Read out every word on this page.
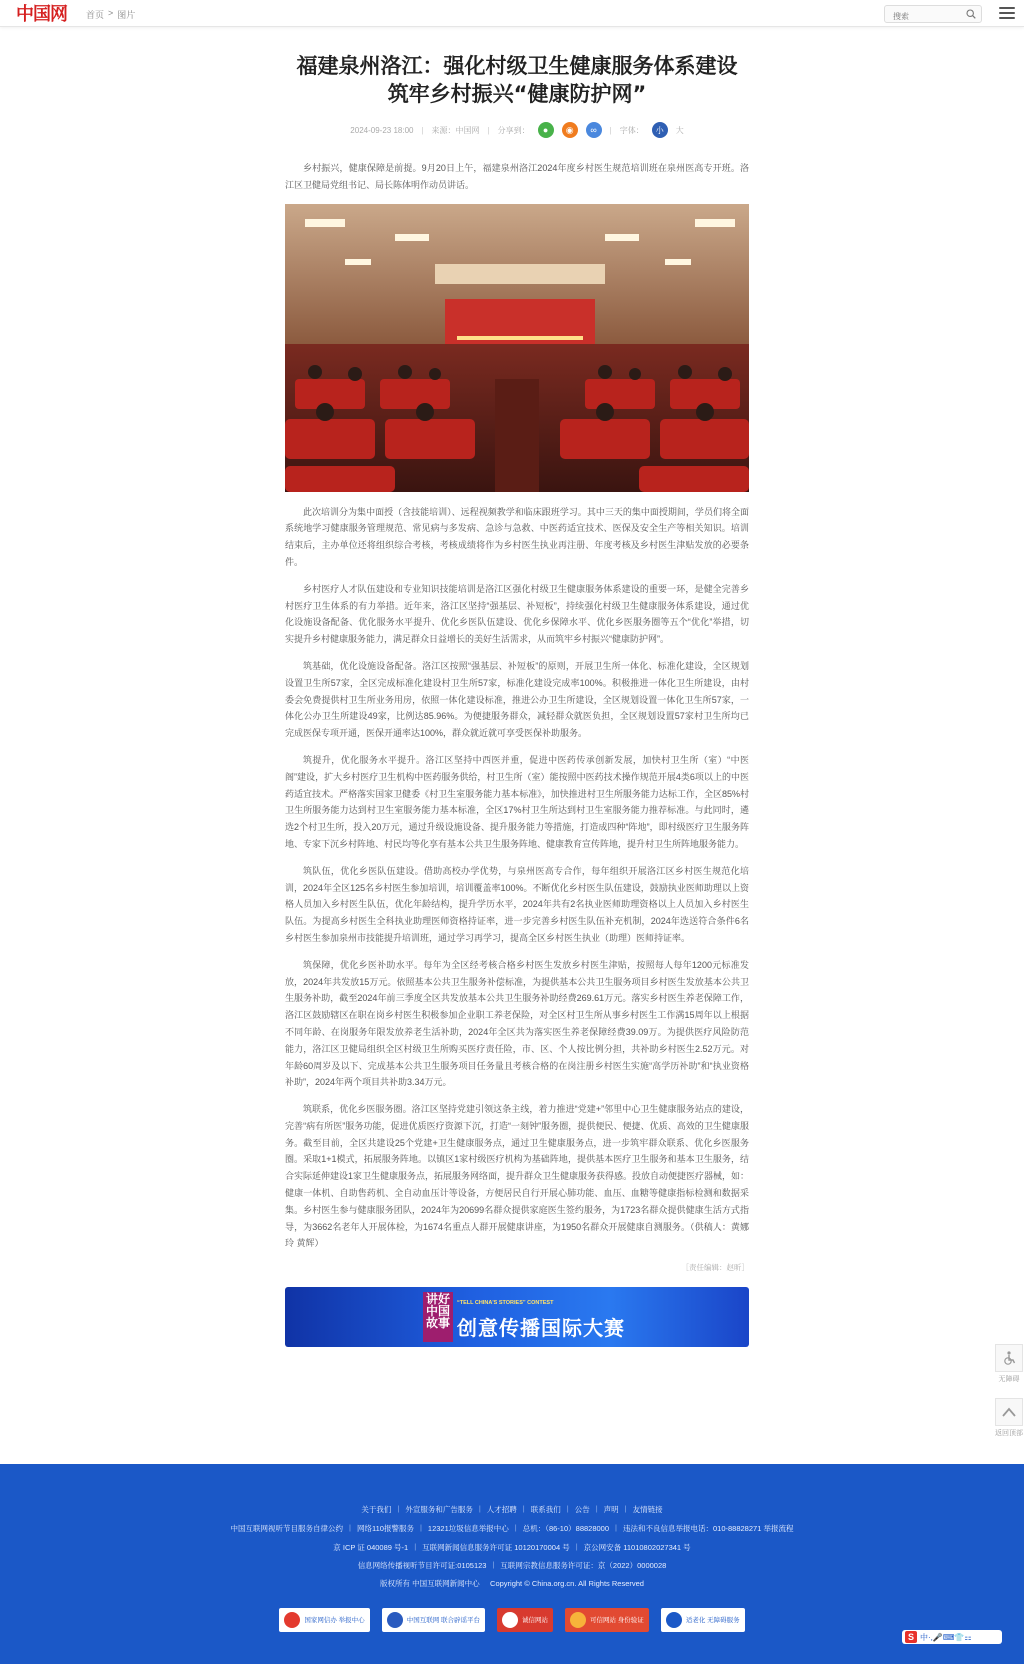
中国网 首页 > 图片
搜索
福建泉州洛江：强化村级卫生健康服务体系建设
筑牢乡村振兴“健康防护网”
2024-09-23 18:00 | 来源：中国网 | 分享到：	●	◉	∞	| 字体：	小	大

乡村振兴，健康保障是前提。9月20日上午，福建泉州洛江2024年度乡村医生规范培训班在泉州医高专开班。洛江区卫健局党组书记、局长陈体明作动员讲话。

此次培训分为集中面授（含技能培训）、远程视频教学和临床跟班学习。其中三天的集中面授期间，学员们将全面系统地学习健康服务管理规范、常见病与多发病、急诊与急救、中医药适宜技术、医保及安全生产等相关知识。培训结束后，主办单位还将组织综合考核，考核成绩将作为乡村医生执业再注册、年度考核及乡村医生津贴发放的必要条件。

乡村医疗人才队伍建设和专业知识技能培训是洛江区强化村级卫生健康服务体系建设的重要一环，是健全完善乡村医疗卫生体系的有力举措。近年来，洛江区坚持“强基层、补短板”，持续强化村级卫生健康服务体系建设，通过优化设施设备配备、优化服务水平提升、优化乡医队伍建设、优化乡保障水平、优化乡医服务圈等五个“优化”举措，切实提升乡村健康服务能力，满足群众日益增长的美好生活需求，从而筑牢乡村振兴“健康防护网”。

筑基础，优化设施设备配备。洛江区按照“强基层、补短板”的原则，开展卫生所一体化、标准化建设，全区规划设置卫生所57家，全区完成标准化建设村卫生所57家，标准化建设完成率100%。积极推进一体化卫生所建设，由村委会免费提供村卫生所业务用房，依照一体化建设标准，推进公办卫生所建设，全区规划设置一体化卫生所57家，一体化公办卫生所建设49家，比例达85.96%。为便捷服务群众，减轻群众就医负担，全区规划设置57家村卫生所均已完成医保专项开通，医保开通率达100%，群众就近就可享受医保补助服务。

筑提升，优化服务水平提升。洛江区坚持中西医并重，促进中医药传承创新发展，加快村卫生所（室）“中医阁”建设，扩大乡村医疗卫生机构中医药服务供给，村卫生所（室）能按照中医药技术操作规范开展4类6项以上的中医药适宜技术。严格落实国家卫健委《村卫生室服务能力基本标准》，加快推进村卫生所服务能力达标工作，全区85%村卫生所服务能力达到村卫生室服务能力基本标准，全区17%村卫生所达到村卫生室服务能力推荐标准。与此同时，遴选2个村卫生所，投入20万元，通过升级设施设备、提升服务能力等措施，打造成四种“阵地”，即村级医疗卫生服务阵地、专家下沉乡村阵地、村民均等化享有基本公共卫生服务阵地、健康教育宣传阵地，提升村卫生所阵地服务能力。

筑队伍，优化乡医队伍建设。借助高校办学优势，与泉州医高专合作，每年组织开展洛江区乡村医生规范化培训，2024年全区125名乡村医生参加培训，培训覆盖率100%。不断优化乡村医生队伍建设，鼓励执业医师助理以上资格人员加入乡村医生队伍，优化年龄结构，提升学历水平，2024年共有2名执业医师助理资格以上人员加入乡村医生队伍。为提高乡村医生全科执业助理医师资格持证率，进一步完善乡村医生队伍补充机制，2024年选送符合条件6名乡村医生参加泉州市技能提升培训班，通过学习再学习，提高全区乡村医生执业（助理）医师持证率。

筑保障，优化乡医补助水平。每年为全区经考核合格乡村医生发放乡村医生津贴，按照每人每年1200元标准发放，2024年共发放15万元。依照基本公共卫生服务补偿标准，为提供基本公共卫生服务项目乡村医生发放基本公共卫生服务补助，截至2024年前三季度全区共发放基本公共卫生服务补助经费269.61万元。落实乡村医生养老保障工作，洛江区鼓励辖区在职在岗乡村医生积极参加企业职工养老保险，对全区村卫生所从事乡村医生工作满15周年以上根据不同年龄、在岗服务年限发放养老生活补助，2024年全区共为落实医生养老保障经费39.09万。为提供医疗风险防范能力，洛江区卫健局组织全区村级卫生所购买医疗责任险，市、区、个人按比例分担，共补助乡村医生2.52万元。对年龄60周岁及以下、完成基本公共卫生服务项目任务量且考核合格的在岗注册乡村医生实施“高学历补助”和“执业资格补助”，2024年两个项目共补助3.34万元。

筑联系，优化乡医服务圈。洛江区坚持党建引领这条主线，着力推进“党建+”邻里中心卫生健康服务站点的建设，完善“病有所医”服务功能，促进优质医疗资源下沉，打造“一刻钟”服务圈，提供便民、便捷、优质、高效的卫生健康服务。截至目前，全区共建设25个党建+卫生健康服务点，通过卫生健康服务点，进一步筑牢群众联系、优化乡医服务圈。采取1+1模式，拓展服务阵地。以镇区1家村级医疗机构为基础阵地，提供基本医疗卫生服务和基本卫生服务，结合实际延伸建设1家卫生健康服务点，拓展服务网络面，提升群众卫生健康服务获得感。投放自动便捷医疗器械，如：健康一体机、自助售药机、全自动血压计等设备，方便居民自行开展心肺功能、血压、血糖等健康指标检测和数据采集。乡村医生参与健康服务团队，2024年为20699名群众提供家庭医生签约服务，为1723名群众提供健康生活方式指导，为3662名老年人开展体检，为1674名重点人群开展健康讲座，为1950名群众开展健康自测服务。（供稿人：黄娜玲 黄辉）

［责任编辑：赵昕］
讲好中国故事
“TELL CHINA'S STORIES” CONTEST
创意传播国际大赛
无障碍
返回顶部
关于我们 | 外宣服务和广告服务 | 人才招聘 | 联系我们 | 公告 | 声明 | 友情链接
中国互联网视听节目服务自律公约 | 网络110报警服务 | 12321垃圾信息举报中心 | 总机：（86-10）88828000 | 违法和不良信息举报电话：010-88828271 举报流程
京 ICP 证 040089 号-1 | 互联网新闻信息服务许可证 10120170004 号 | 京公网安备 11010802027341 号
信息网络传播视听节目许可证:0105123 | 互联网宗教信息服务许可证：京（2022）0000028
版权所有 中国互联网新闻中心     Copyright © China.org.cn. All Rights Reserved
国家网信办 举报中心	中国互联网 联合辟谣平台	诚信网站	可信网站 身份验证	适老化 无障碍服务
S 中·,🎤⌨👕⚏
